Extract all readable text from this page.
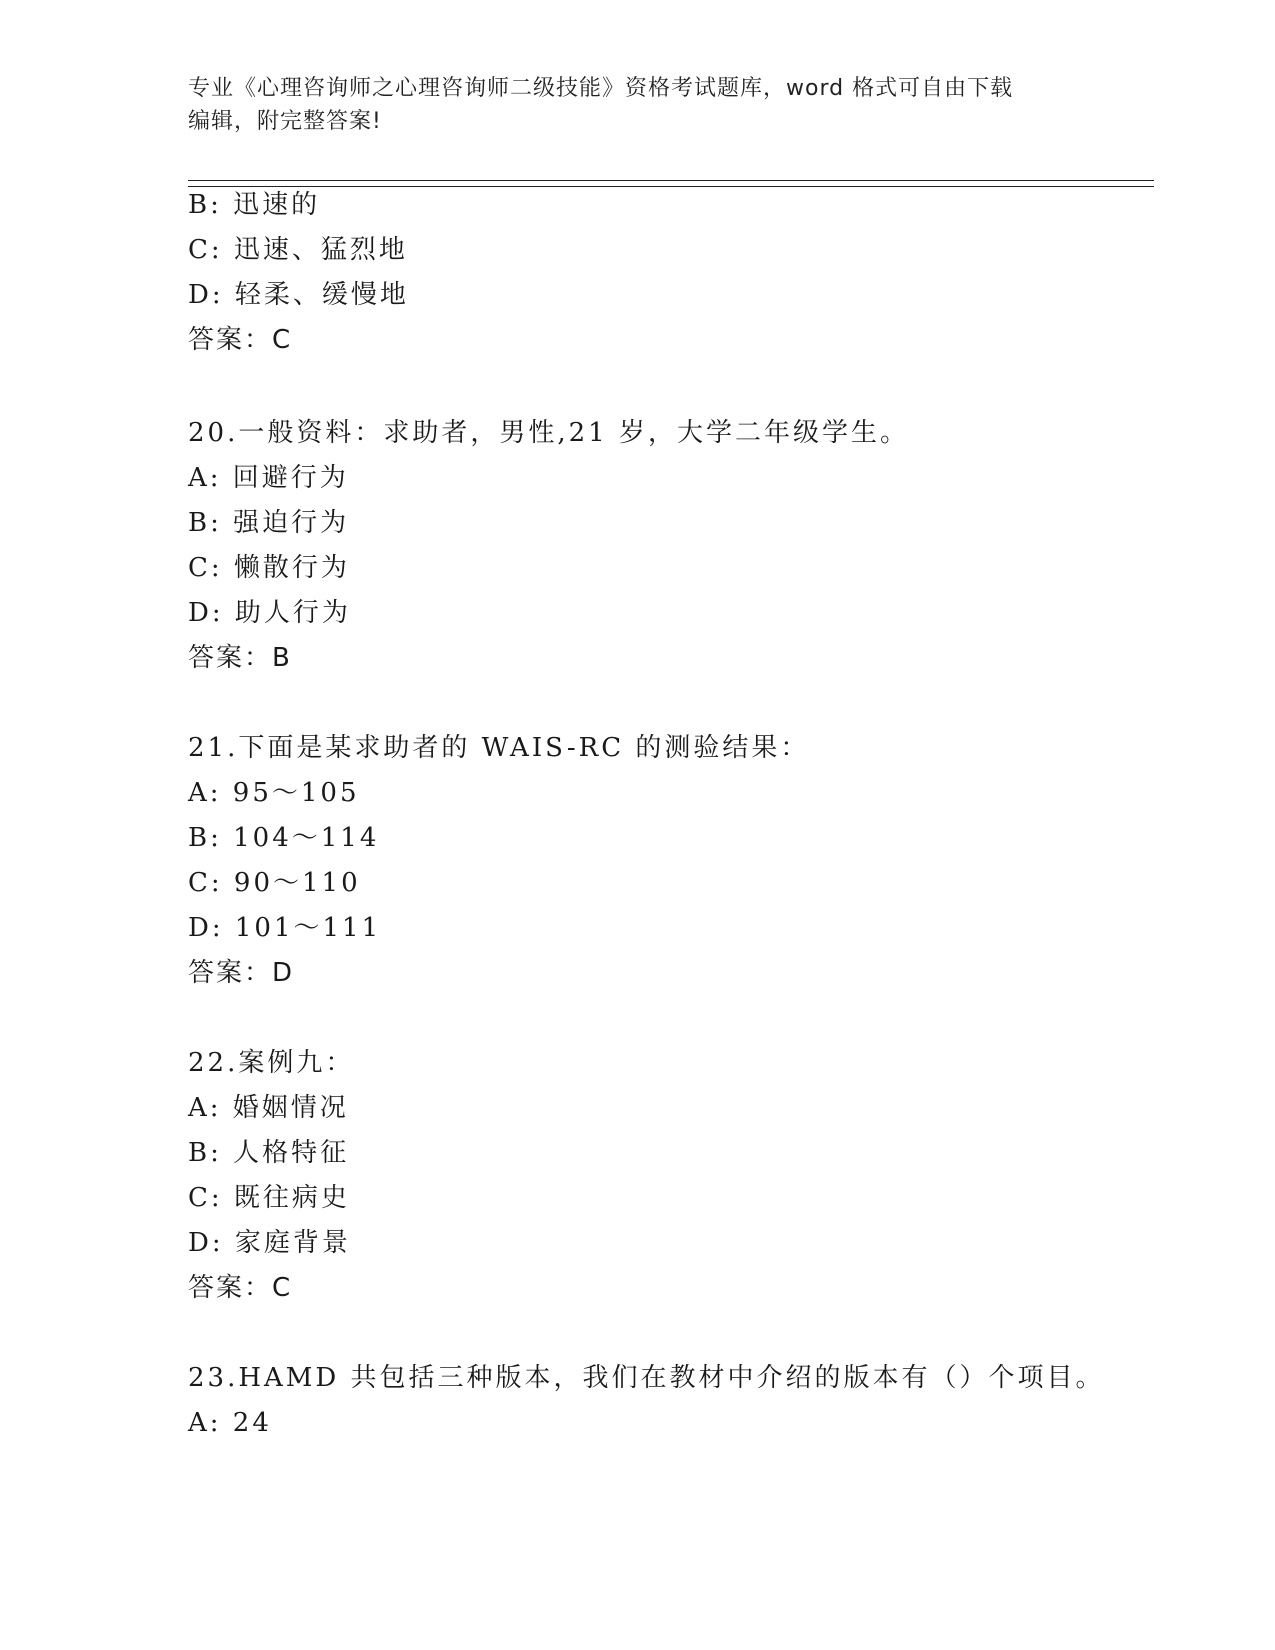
专业《心理咨询师之心理咨询师二级技能》资格考试题库，word 格式可自由下载
编辑，附完整答案!
B: 迅速的
C: 迅速、猛烈地
D: 轻柔、缓慢地
答案：C
20.一般资料：求助者，男性,21 岁，大学二年级学生。
A: 回避行为
B: 强迫行为
C: 懒散行为
D: 助人行为
答案：B
21.下面是某求助者的 WAIS-RC 的测验结果：
A: 95～105
B: 104～114
C: 90～110
D: 101～111
答案：D
22.案例九：
A: 婚姻情况
B: 人格特征
C: 既往病史
D: 家庭背景
答案：C
23.HAMD 共包括三种版本，我们在教材中介绍的版本有（）个项目。
A: 24
